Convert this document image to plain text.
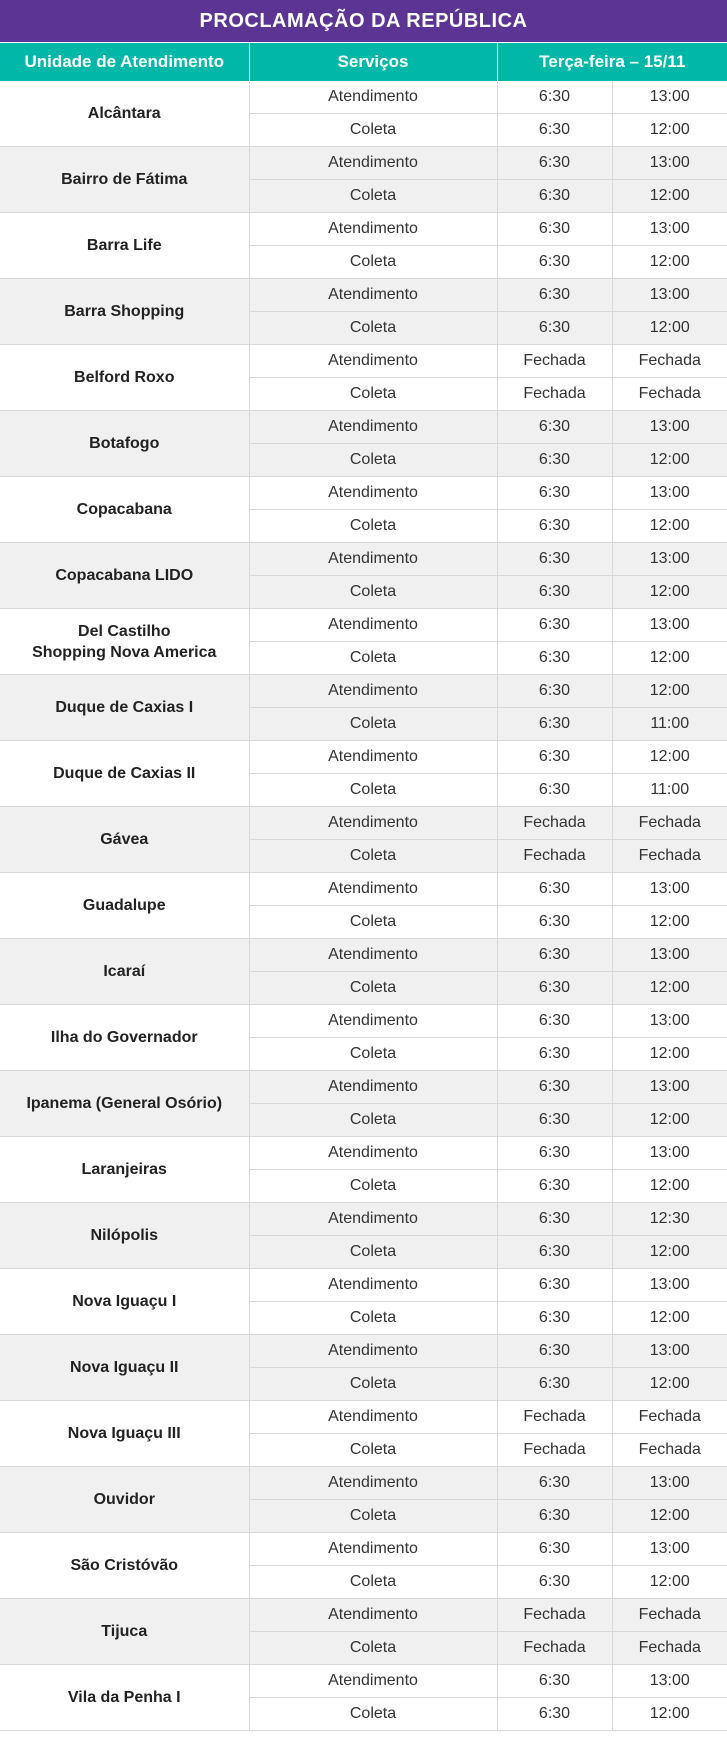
PROCLAMAÇÃO DA REPÚBLICA
Unidade de Atendimento	Serviços	Terça-feira – 15/11	
Alcântara	Atendimento	6:30	13:00
	Coleta	6:30	12:00
Bairro de Fátima	Atendimento	6:30	13:00
	Coleta	6:30	12:00
Barra Life	Atendimento	6:30	13:00
	Coleta	6:30	12:00
Barra Shopping	Atendimento	6:30	13:00
	Coleta	6:30	12:00
Belford Roxo	Atendimento	Fechada	Fechada
	Coleta	Fechada	Fechada
Botafogo	Atendimento	6:30	13:00
	Coleta	6:30	12:00
Copacabana	Atendimento	6:30	13:00
	Coleta	6:30	12:00
Copacabana LIDO	Atendimento	6:30	13:00
	Coleta	6:30	12:00
Del Castilho
Shopping Nova America	Atendimento	6:30	13:00
	Coleta	6:30	12:00
Duque de Caxias I	Atendimento	6:30	12:00
	Coleta	6:30	11:00
Duque de Caxias II	Atendimento	6:30	12:00
	Coleta	6:30	11:00
Gávea	Atendimento	Fechada	Fechada
	Coleta	Fechada	Fechada
Guadalupe	Atendimento	6:30	13:00
	Coleta	6:30	12:00
Icaraí	Atendimento	6:30	13:00
	Coleta	6:30	12:00
Ilha do Governador	Atendimento	6:30	13:00
	Coleta	6:30	12:00
Ipanema (General Osório)	Atendimento	6:30	13:00
	Coleta	6:30	12:00
Laranjeiras	Atendimento	6:30	13:00
	Coleta	6:30	12:00
Nilópolis	Atendimento	6:30	12:30
	Coleta	6:30	12:00
Nova Iguaçu I	Atendimento	6:30	13:00
	Coleta	6:30	12:00
Nova Iguaçu II	Atendimento	6:30	13:00
	Coleta	6:30	12:00
Nova Iguaçu III	Atendimento	Fechada	Fechada
	Coleta	Fechada	Fechada
Ouvidor	Atendimento	6:30	13:00
	Coleta	6:30	12:00
São Cristóvão	Atendimento	6:30	13:00
	Coleta	6:30	12:00
Tijuca	Atendimento	Fechada	Fechada
	Coleta	Fechada	Fechada
Vila da Penha I	Atendimento	6:30	13:00
	Coleta	6:30	12:00
